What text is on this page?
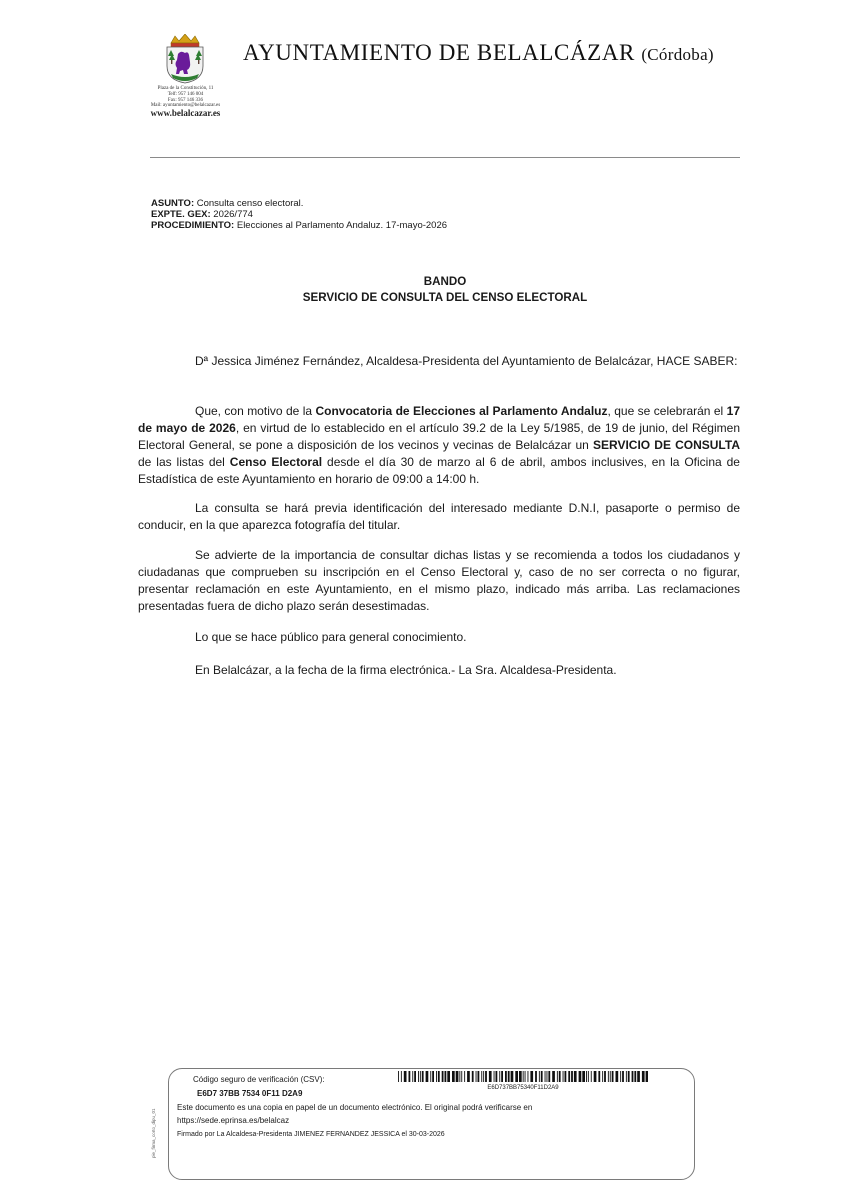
Plaza de la Constitución, 11
Telf: 957 146 004
Fax: 957 146 336
Mail: ayuntamiento@belalcazar.es
www.belalcazar.es
AYUNTAMIENTO DE BELALCÁZAR (Córdoba)
ASUNTO: Consulta censo electoral.
EXPTE. GEX: 2026/774
PROCEDIMIENTO: Elecciones al Parlamento Andaluz. 17-mayo-2026
BANDO
SERVICIO DE CONSULTA DEL CENSO ELECTORAL

Dª Jessica Jiménez Fernández, Alcaldesa-Presidenta del Ayuntamiento de Belalcázar, HACE SABER:

Que, con motivo de la Convocatoria de Elecciones al Parlamento Andaluz, que se celebrarán el 17 de mayo de 2026, en virtud de lo establecido en el artículo 39.2 de la Ley 5/1985, de 19 de junio, del Régimen Electoral General, se pone a disposición de los vecinos y vecinas de Belalcázar un SERVICIO DE CONSULTA de las listas del Censo Electoral desde el día 30 de marzo al 6 de abril, ambos inclusives, en la Oficina de Estadística de este Ayuntamiento en horario de 09:00 a 14:00 h.

La consulta se hará previa identificación del interesado mediante D.N.I, pasaporte o permiso de conducir, en la que aparezca fotografía del titular.

Se advierte de la importancia de consultar dichas listas y se recomienda a todos los ciudadanos y ciudadanas que comprueben su inscripción en el Censo Electoral y, caso de no ser correcta o no figurar, presentar reclamación en este Ayuntamiento, en el mismo plazo, indicado más arriba. Las reclamaciones presentadas fuera de dicho plazo serán desestimadas.

Lo que se hace público para general conocimiento.
En Belalcázar, a la fecha de la firma electrónica.- La Sra. Alcaldesa-Presidenta.
pie_firma_corto_dipu_01
Código seguro de verificación (CSV):
E6D7 37BB 7534 0F11 D2A9
E6D737BB75340F11D2A9
Este documento es una copia en papel de un documento electrónico. El original podrá verificarse en
https://sede.eprinsa.es/belalcaz
Firmado por La Alcaldesa-Presidenta JIMENEZ FERNANDEZ JESSICA el 30-03-2026
